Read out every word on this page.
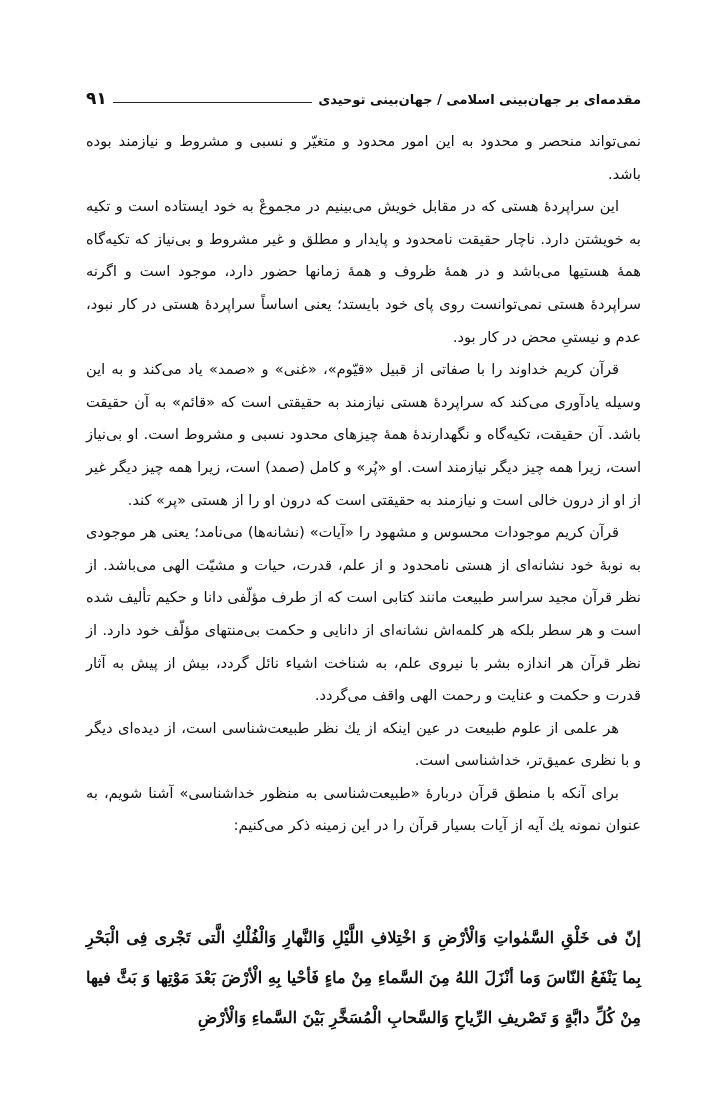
مقدمه‌ای بر جهان‌بینی اسلامی / جهان‌بینی توحیدی
۹۱

نمی‌تواند منحصر و محدود به این امور محدود و متغیّر و نسبی و مشروط و نیازمند بوده باشد.

این سراپردهٔ هستی که در مقابل خویش می‌بینیم در مجموعْ به خود ایستاده است و تکیه به خویشتن دارد. ناچار حقیقت نامحدود و پایدار و مطلق و غیر مشروط و بی‌نیاز که تکیه‌گاه همهٔ هستیها می‌باشد و در همهٔ ظروف و همهٔ زمانها حضور دارد، موجود است و اگرنه سراپردهٔ هستی نمی‌توانست روی پای خود بایستد؛ یعنی اساساً سراپردهٔ هستی در کار نبود، عدم و نیستیِ محض در کار بود.

قرآن کریم خداوند را با صفاتی از قبیل «قیّوم»، «غنی» و «صمد» یاد می‌کند و به این وسیله یادآوری می‌کند که سراپردهٔ هستی نیازمند به حقیقتی است که «قائم» به آن حقیقت باشد. آن حقیقت، تکیه‌گاه و نگهدارندهٔ همهٔ چیزهای محدود نسبی و مشروط است. او بی‌نیاز است، زیرا همه چیز دیگر نیازمند است. او «پُر» و کامل (صمد) است، زیرا همه چیز دیگر غیر از او از درون خالی است و نیازمند به حقیقتی است که درون او را از هستی «پر» کند.

قرآن کریم موجودات محسوس و مشهود را «آیات» (نشانه‌ها) می‌نامد؛ یعنی هر موجودی به نوبهٔ خود نشانه‌ای از هستی نامحدود و از علم، قدرت، حیات و مشیّت الهی می‌باشد. از نظر قرآن مجید سراسر طبیعت مانند کتابی است که از طرف مؤلّفی دانا و حکیم تألیف شده است و هر سطر بلکه هر کلمه‌اش نشانه‌ای از دانایی و حکمت بی‌منتهای مؤلّف خود دارد. از نظر قرآن هر اندازه بشر با نیروی علم، به شناخت اشیاء نائل گردد، بیش از پیش به آثار قدرت و حکمت و عنایت و رحمت الهی واقف می‌گردد.

هر علمی از علوم طبیعت در عین اینکه از یك نظر طبیعت‌شناسی است، از دیده‌ای دیگر و با نظری عمیق‌تر، خداشناسی است.

برای آنکه با منطق قرآن دربارهٔ «طبیعت‌شناسی به منظور خداشناسی» آشنا شویم، به عنوان نمونه یك آیه از آیات بسیار قرآن را در این زمینه ذکر می‌کنیم:

إنّ فی خَلْقِ السَّمٰواتِ وَالْأرْضِ وَ اخْتِلافِ اللَّیْلِ وَالنَّهارِ وَالْفُلْكِ الَّتی تَجْری فِی الْبَحْرِ بِما یَنْفَعُ النّاسَ وَما أنْزَلَ اللهُ مِنَ السَّماءِ مِنْ ماءٍ فَأحْیا بِهِ الْأرْضَ بَعْدَ مَوْتِها وَ بَثَّ فیها مِنْ كُلِّ دابَّةٍ وَ تَصْریفِ الرِّیاحِ وَالسَّحابِ الْمُسَخَّرِ بَیْنَ السَّماءِ وَالْأرْضِ
